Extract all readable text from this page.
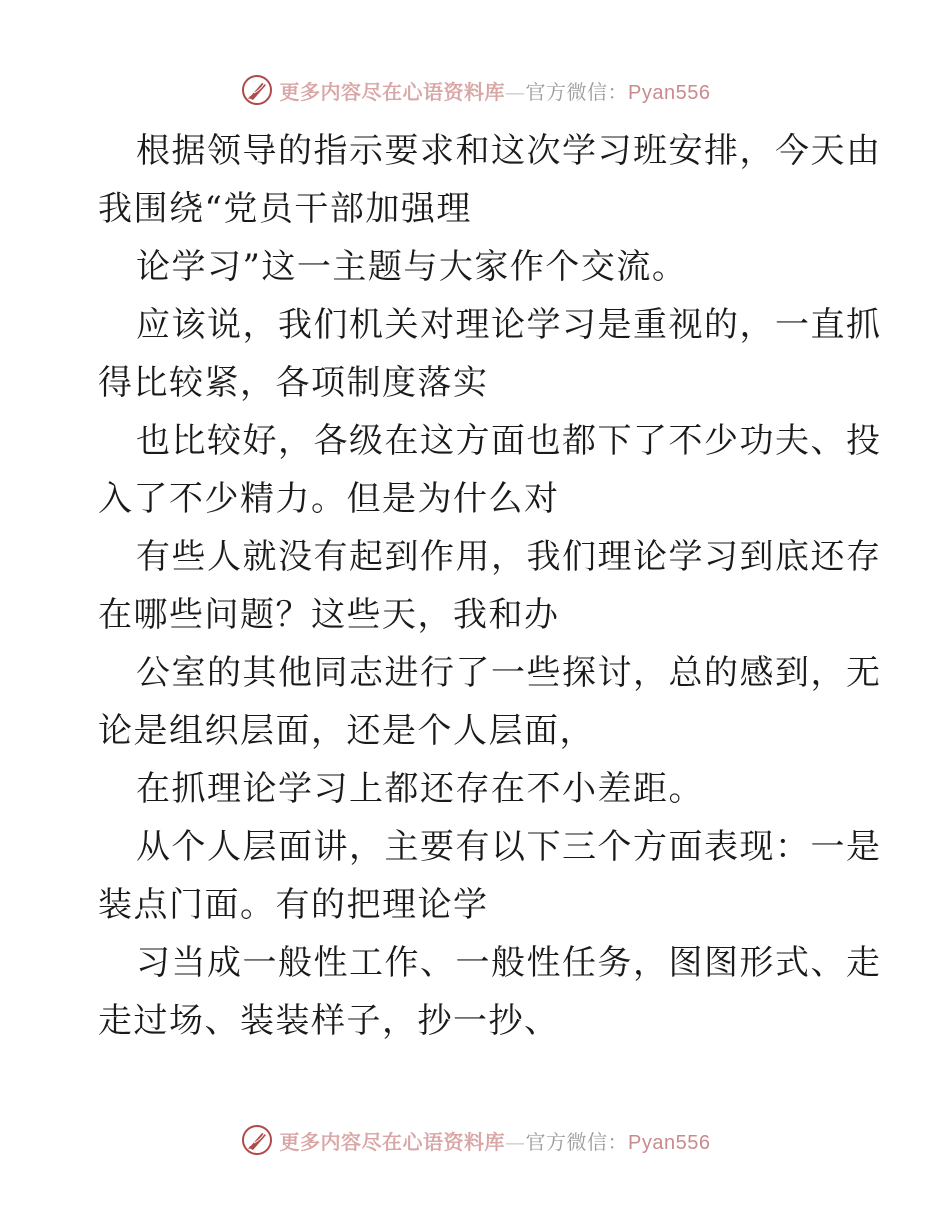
更多内容尽在心语资料库—官方微信：Pyan556
根据领导的指示要求和这次学习班安排，今天由
我围绕“党员干部加强理
论学习”这一主题与大家作个交流。
应该说，我们机关对理论学习是重视的，一直抓
得比较紧，各项制度落实
也比较好，各级在这方面也都下了不少功夫、投
入了不少精力。但是为什么对
有些人就没有起到作用，我们理论学习到底还存
在哪些问题？这些天，我和办
公室的其他同志进行了一些探讨，总的感到，无
论是组织层面，还是个人层面，
在抓理论学习上都还存在不小差距。
从个人层面讲，主要有以下三个方面表现：一是
装点门面。有的把理论学
习当成一般性工作、一般性任务，图图形式、走
走过场、装装样子，抄一抄、
更多内容尽在心语资料库—官方微信：Pyan556
